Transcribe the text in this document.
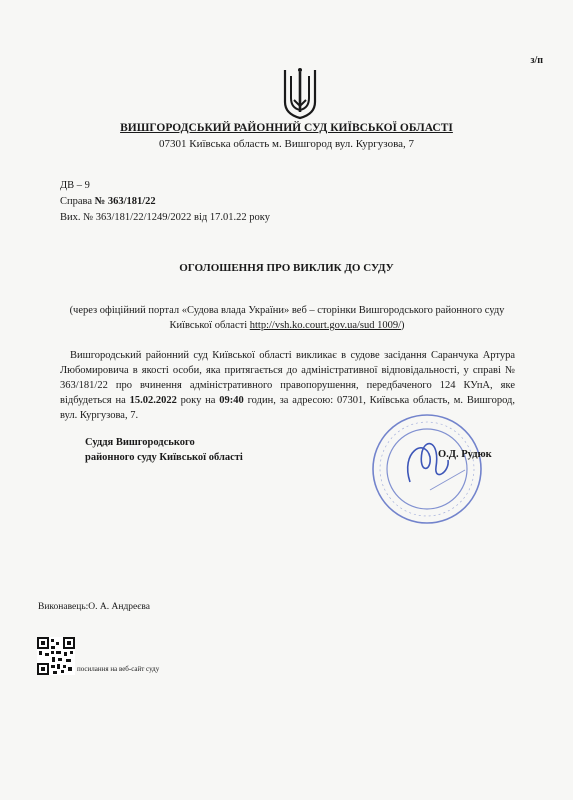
з/п
ВИШГОРОДСЬКИЙ РАЙОННИЙ СУД КИЇВСЬКОЇ ОБЛАСТІ
07301 Київська область м. Вишгород вул. Кургузова, 7
ДВ – 9
Справа № 363/181/22
Вих. № 363/181/22/1249/2022 від 17.01.22 року
ОГОЛОШЕННЯ ПРО ВИКЛИК ДО СУДУ
(через офіційний портал «Судова влада України» веб – сторінки Вишгородського районного суду Київської області http://vsh.ko.court.gov.ua/sud 1009/)
Вишгородський районний суд Київської області викликає в судове засідання Саранчука Артура Любомировича в якості особи, яка притягається до адміністративної відповідальності, у справі № 363/181/22 про вчинення адміністративного правопорушення, передбаченого 124 КУпА, яке відбудеться на 15.02.2022 року на 09:40 годин, за адресою: 07301, Київська область, м. Вишгород, вул. Кургузова, 7.
Суддя Вишгородського
районного суду Київської області	О.Д. Рудюк
Виконавець:О. А. Андреєва
посилання на веб-сайт суду
